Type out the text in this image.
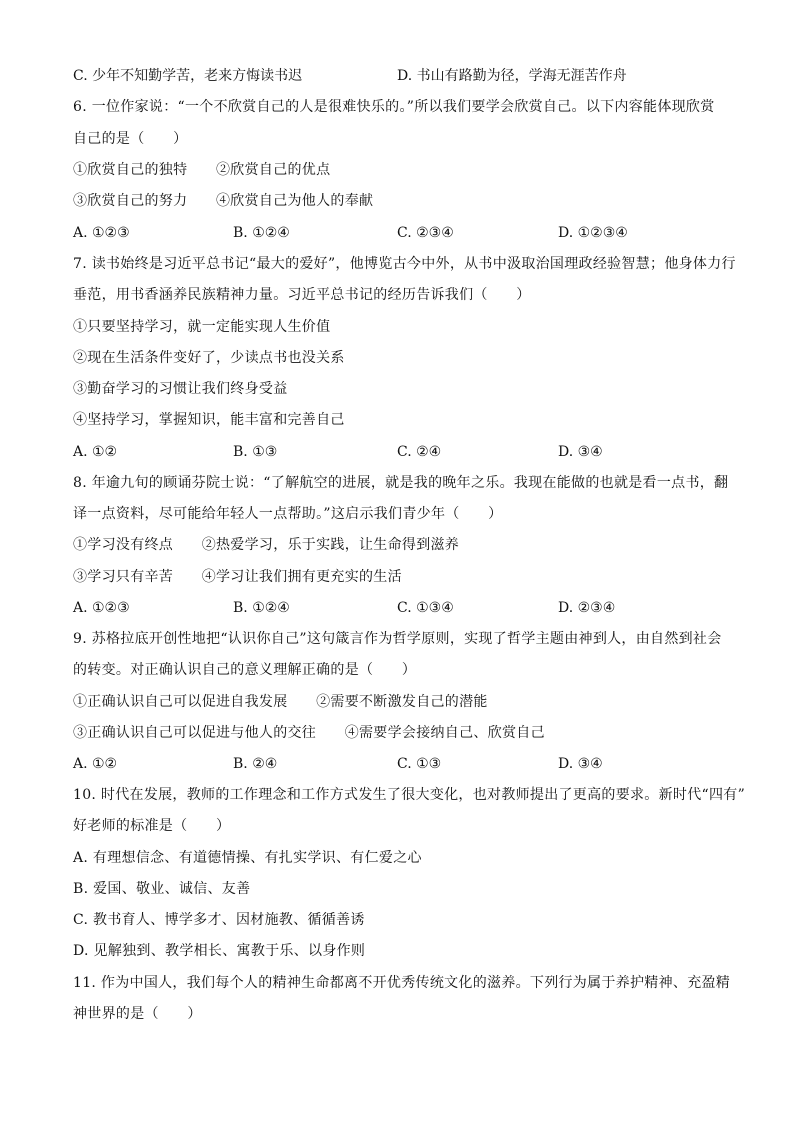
C. 少年不知勤学苦，老来方悔读书迟	D. 书山有路勤为径，学海无涯苦作舟
6. 一位作家说：“一个不欣赏自己的人是很难快乐的。”所以我们要学会欣赏自己。以下内容能体现欣赏
自己的是（　　）
①欣赏自己的独特　　②欣赏自己的优点
③欣赏自己的努力　　④欣赏自己为他人的奉献
A. ①②③	B. ①②④	C. ②③④	D. ①②③④
7. 读书始终是习近平总书记“最大的爱好”，他博览古今中外，从书中汲取治国理政经验智慧；他身体力行
垂范，用书香涵养民族精神力量。习近平总书记的经历告诉我们（　　）
①只要坚持学习，就一定能实现人生价值
②现在生活条件变好了，少读点书也没关系
③勤奋学习的习惯让我们终身受益
④坚持学习，掌握知识，能丰富和完善自己
A. ①②	B. ①③	C. ②④	D. ③④
8. 年逾九旬的顾诵芬院士说：“了解航空的进展，就是我的晚年之乐。我现在能做的也就是看一点书，翻
译一点资料，尽可能给年轻人一点帮助。”这启示我们青少年（　　）
①学习没有终点　　②热爱学习，乐于实践，让生命得到滋养
③学习只有辛苦　　④学习让我们拥有更充实的生活
A. ①②③	B. ①②④	C. ①③④	D. ②③④
9. 苏格拉底开创性地把“认识你自己”这句箴言作为哲学原则，实现了哲学主题由神到人，由自然到社会
的转变。对正确认识自己的意义理解正确的是（　　）
①正确认识自己可以促进自我发展　　②需要不断激发自己的潜能
③正确认识自己可以促进与他人的交往　　④需要学会接纳自己、欣赏自己
A. ①②	B. ②④	C. ①③	D. ③④
10. 时代在发展，教师的工作理念和工作方式发生了很大变化，也对教师提出了更高的要求。新时代“四有”
好老师的标准是（　　）
A. 有理想信念、有道德情操、有扎实学识、有仁爱之心
B. 爱国、敬业、诚信、友善
C. 教书育人、博学多才、因材施教、循循善诱
D. 见解独到、教学相长、寓教于乐、以身作则
11. 作为中国人，我们每个人的精神生命都离不开优秀传统文化的滋养。下列行为属于养护精神、充盈精
神世界的是（　　）
